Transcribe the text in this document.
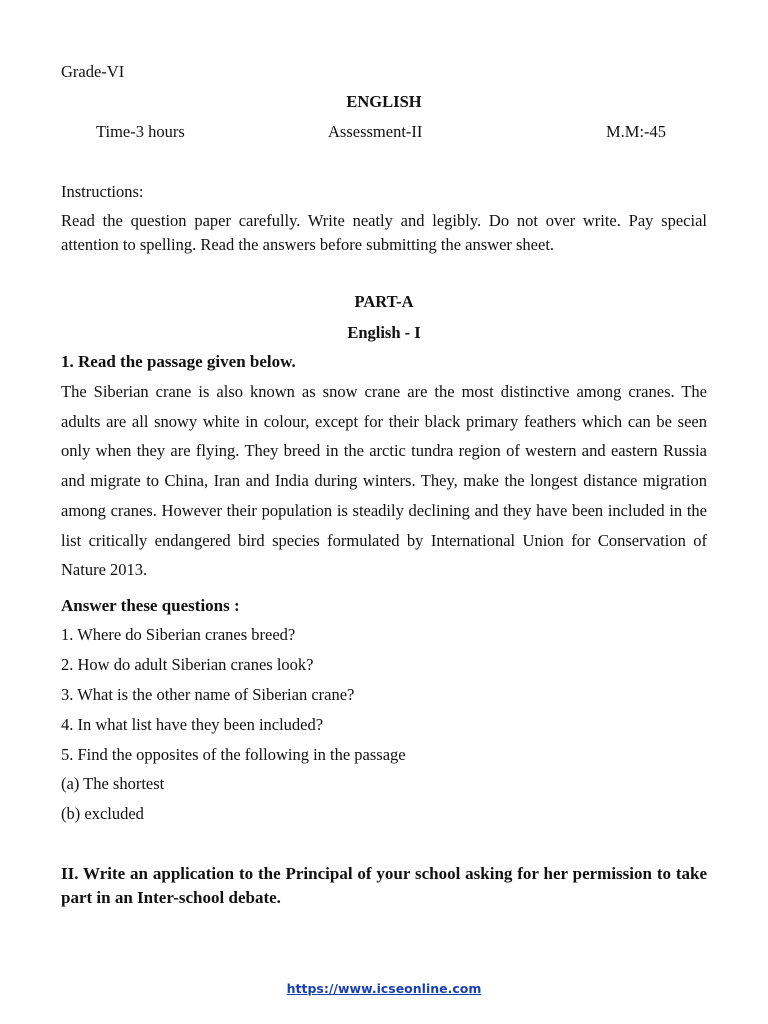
Grade-VI
ENGLISH
Time-3 hours	Assessment-II	M.M:-45
Instructions:
Read the question paper carefully. Write neatly and legibly. Do not over write. Pay special attention to spelling. Read the answers before submitting the answer sheet.
PART-A
English - I
1. Read the passage given below.
The Siberian crane is also known as snow crane are the most distinctive among cranes. The adults are all snowy white in colour, except for their black primary feathers which can be seen only when they are flying. They breed in the arctic tundra region of western and eastern Russia and migrate to China, Iran and India during winters. They, make the longest distance migration among cranes. However their population is steadily declining and they have been included in the list critically endangered bird species formulated by International Union for Conservation of Nature 2013.
Answer these questions :
1. Where do Siberian cranes breed?
2. How do adult Siberian cranes look?
3. What is the other name of Siberian crane?
4. In what list have they been included?
5. Find the opposites of the following in the passage
(a) The shortest
(b) excluded
II. Write an application to the Principal of your school asking for her permission to take part in an Inter-school debate.
https://www.icseonline.com
